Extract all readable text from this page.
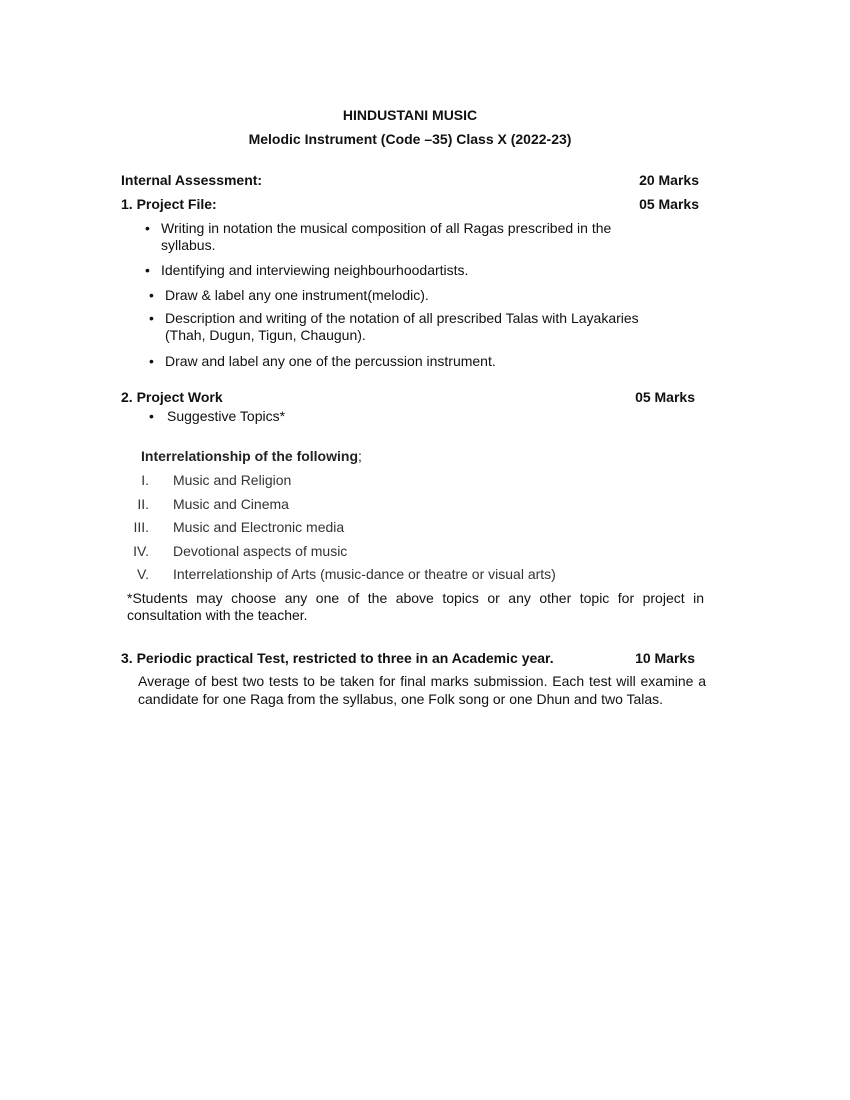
HINDUSTANI MUSIC
Melodic Instrument (Code –35) Class X (2022-23)
Internal Assessment:	20 Marks
1. Project File:	05 Marks
• Writing in notation the musical composition of all Ragas prescribed in the syllabus.
• Identifying and interviewing neighbourhoodartists.
• Draw & label any one instrument(melodic).
• Description and writing of the notation of all prescribed Talas with Layakaries (Thah, Dugun, Tigun, Chaugun).
• Draw and label any one of the percussion instrument.
2. Project Work	05 Marks
• Suggestive Topics*
Interrelationship of the following;
I. Music and Religion
II. Music and Cinema
III. Music and Electronic media
IV. Devotional aspects of music
V. Interrelationship of Arts (music-dance or theatre or visual arts)
*Students may choose any one of the above topics or any other topic for project in consultation with the teacher.
3. Periodic practical Test, restricted to three in an Academic year.	10 Marks
Average of best two tests to be taken for final marks submission. Each test will examine a candidate for one Raga from the syllabus, one Folk song or one Dhun and two Talas.
